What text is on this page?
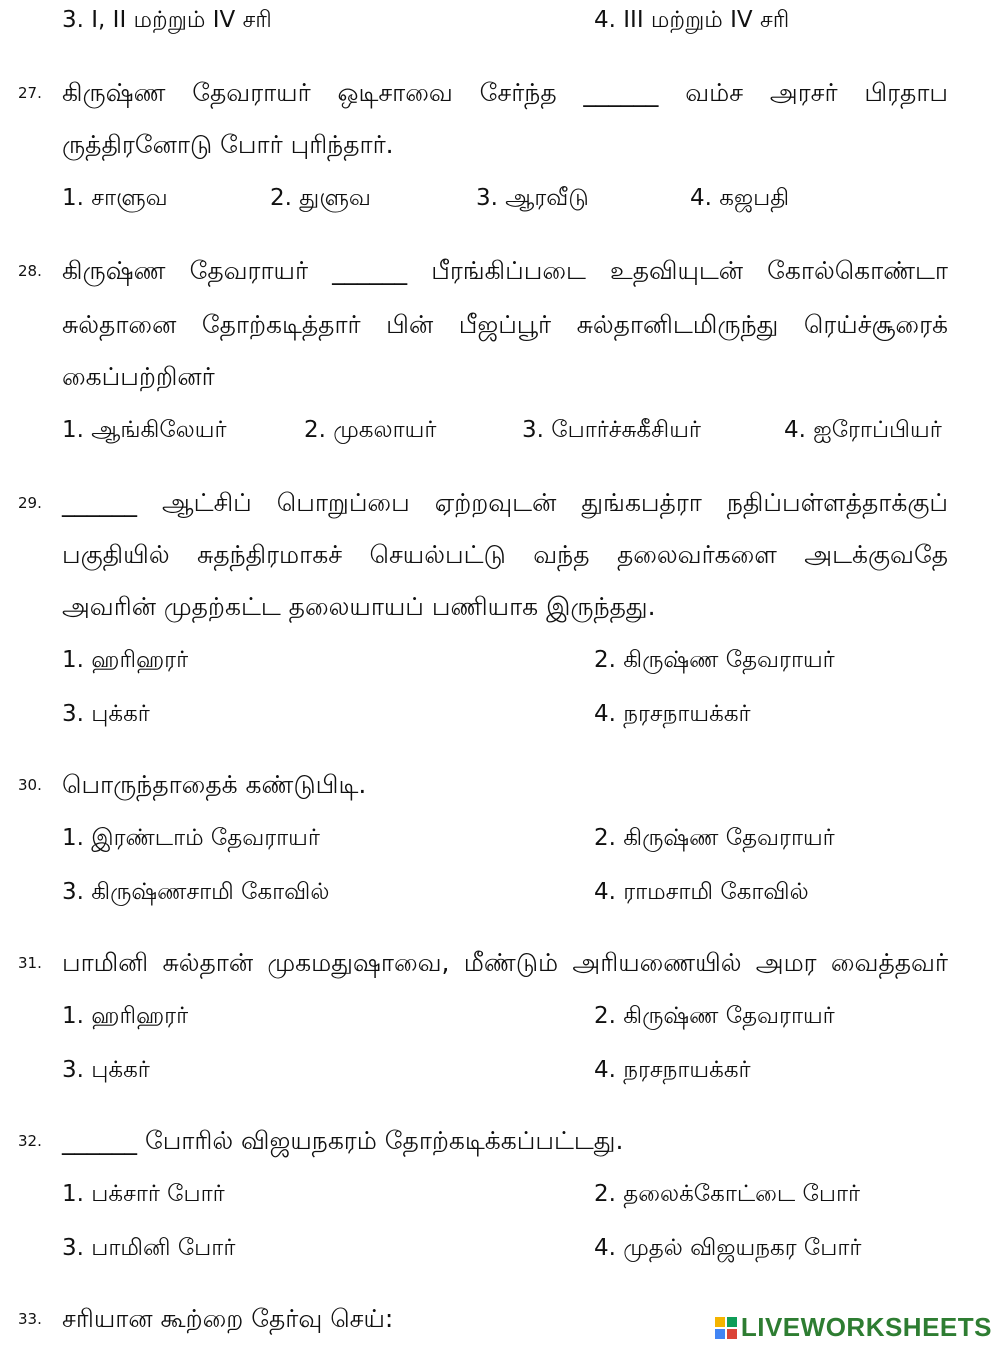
3. I, II மற்றும் IV சரி	4. III மற்றும் IV சரி
27. கிருஷ்ண தேவராயர் ஒடிசாவை சேர்ந்த ______ வம்ச அரசர் பிரதாப
ருத்திரனோடு போர் புரிந்தார்.
1. சாளுவ	2. துளுவ	3. ஆரவீடு	4. கஜபதி
28. கிருஷ்ண தேவராயர் ______ பீரங்கிப்படை உதவியுடன் கோல்கொண்டா
சுல்தானை தோற்கடித்தார் பின் பீஜப்பூர் சுல்தானிடமிருந்து ரெய்ச்சூரைக்
கைப்பற்றினர்
1. ஆங்கிலேயர்	2. முகலாயர்	3. போர்ச்சுகீசியர்	4. ஐரோப்பியர்
29. ______ ஆட்சிப் பொறுப்பை ஏற்றவுடன் துங்கபத்ரா நதிப்பள்ளத்தாக்குப்
பகுதியில் சுதந்திரமாகச் செயல்பட்டு வந்த தலைவர்களை அடக்குவதே
அவரின் முதற்கட்ட தலையாயப் பணியாக இருந்தது.
1. ஹரிஹரர்	2. கிருஷ்ண தேவராயர்
3. புக்கர்	4. நரசநாயக்கர்
30. பொருந்தாதைக் கண்டுபிடி.
1. இரண்டாம் தேவராயர்	2. கிருஷ்ண தேவராயர்
3. கிருஷ்ணசாமி கோவில்	4. ராமசாமி கோவில்
31. பாமினி சுல்தான் முகமதுஷாவை, மீண்டும் அரியணையில் அமர வைத்தவர்
1. ஹரிஹரர்	2. கிருஷ்ண தேவராயர்
3. புக்கர்	4. நரசநாயக்கர்
32. ______ போரில் விஜயநகரம் தோற்கடிக்கப்பட்டது.
1. பக்சார் போர்	2. தலைக்கோட்டை போர்
3. பாமினி போர்	4. முதல் விஜயநகர போர்
33. சரியான கூற்றை தேர்வு செய்:	LIVEWORKSHEETS
